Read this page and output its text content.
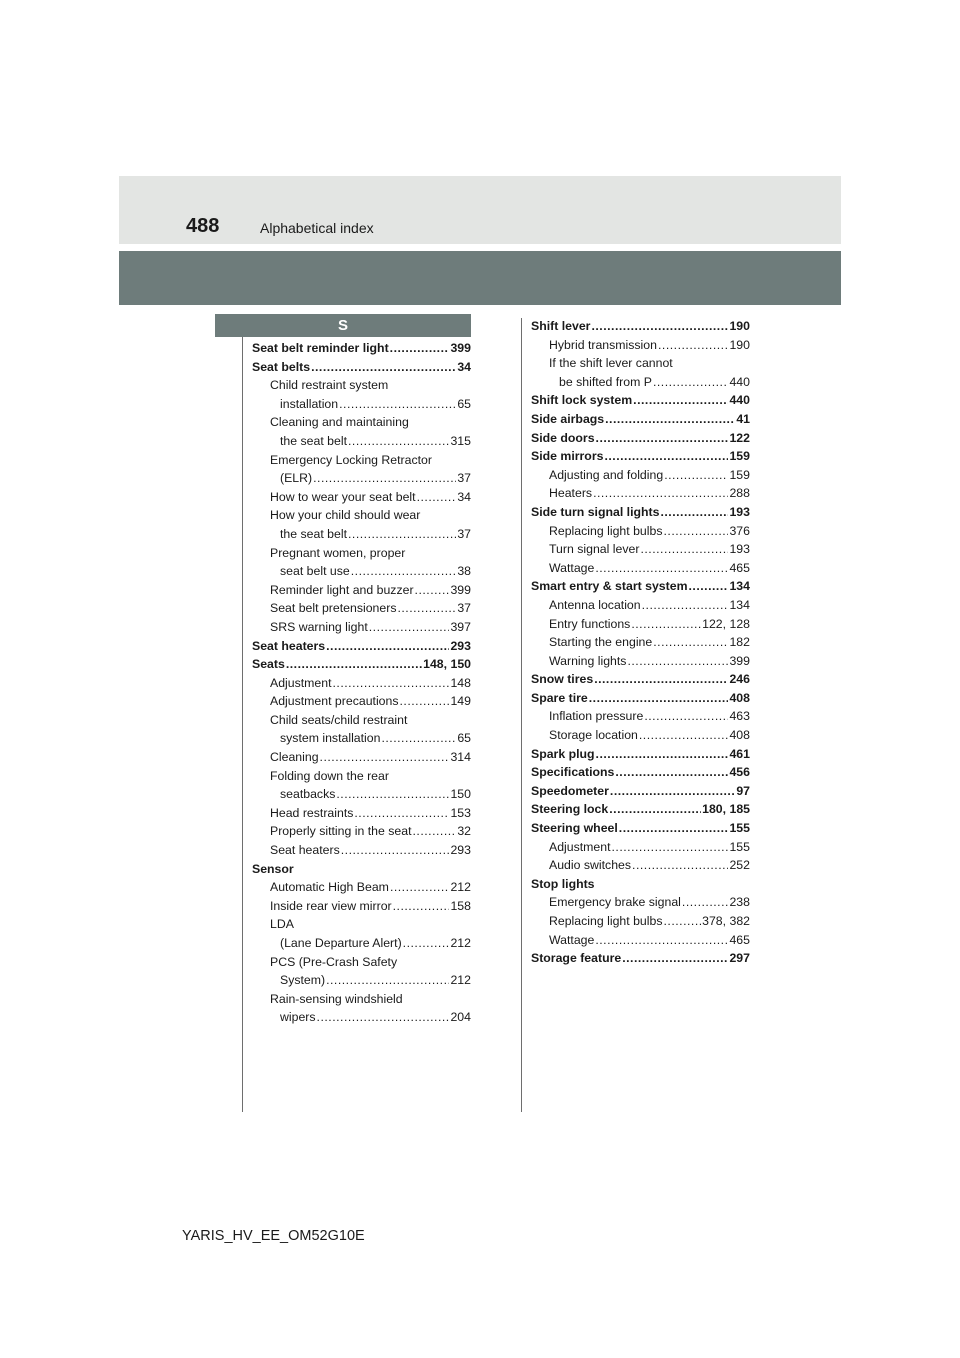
488	Alphabetical index
S
Seat belt reminder light .....	399
Seat belts .....	34
Child restraint system
installation .....	65
Cleaning and maintaining
the seat belt .....	315
Emergency Locking Retractor
(ELR) .....	37
How to wear your seat belt .....	34
How your child should wear
the seat belt .....	37
Pregnant women, proper
seat belt use .....	38
Reminder light and buzzer .....	399
Seat belt pretensioners .....	37
SRS warning light .....	397
Seat heaters .....	293
Seats .....	148, 150
Adjustment .....	148
Adjustment precautions .....	149
Child seats/child restraint
system installation .....	65
Cleaning .....	314
Folding down the rear
seatbacks .....	150
Head restraints .....	153
Properly sitting in the seat .....	32
Seat heaters .....	293
Sensor
Automatic High Beam .....	212
Inside rear view mirror .....	158
LDA
(Lane Departure Alert) .....	212
PCS (Pre-Crash Safety
System) .....	212
Rain-sensing windshield
wipers .....	204
Shift lever .....	190
Hybrid transmission .....	190
If the shift lever cannot
be shifted from P .....	440
Shift lock system .....	440
Side airbags .....	41
Side doors .....	122
Side mirrors .....	159
Adjusting and folding .....	159
Heaters .....	288
Side turn signal lights .....	193
Replacing light bulbs .....	376
Turn signal lever .....	193
Wattage .....	465
Smart entry & start system .....	134
Antenna location .....	134
Entry functions .....	122, 128
Starting the engine .....	182
Warning lights .....	399
Snow tires .....	246
Spare tire .....	408
Inflation pressure .....	463
Storage location .....	408
Spark plug .....	461
Specifications .....	456
Speedometer .....	97
Steering lock .....	180, 185
Steering wheel .....	155
Adjustment .....	155
Audio switches .....	252
Stop lights
Emergency brake signal .....	238
Replacing light bulbs .....	378, 382
Wattage .....	465
Storage feature .....	297
YARIS_HV_EE_OM52G10E
